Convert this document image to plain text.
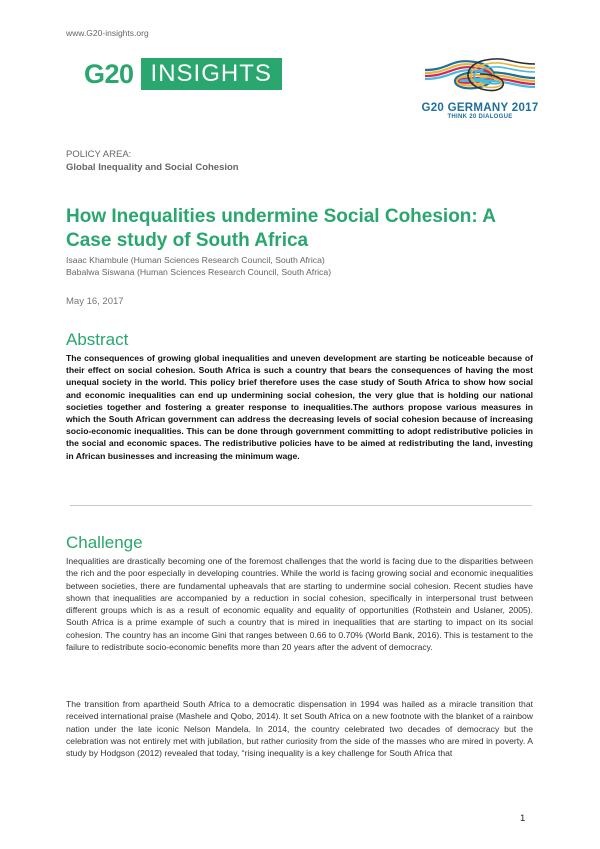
www.G20-insights.org
G20 INSIGHTS
G20 GERMANY 2017
THINK 20 DIALOGUE
POLICY AREA:
Global Inequality and Social Cohesion
How Inequalities undermine Social Cohesion: A
Case study of South Africa
Isaac Khambule (Human Sciences Research Council, South Africa)
Babalwa Siswana (Human Sciences Research Council, South Africa)
May 16, 2017
Abstract
The consequences of growing global inequalities and uneven development are starting be noticeable because of their effect on social cohesion. South Africa is such a country that bears the consequences of having the most unequal society in the world. This policy brief therefore uses the case study of South Africa to show how social and economic inequalities can end up undermining social cohesion, the very glue that is holding our national societies together and fostering a greater response to inequalities.The authors propose various measures in which the South African government can address the decreasing levels of social cohesion because of increasing socio-economic inequalities. This can be done through government committing to adopt redistributive policies in the social and economic spaces. The redistributive policies have to be aimed at redistributing the land, investing in African businesses and increasing the minimum wage.
Challenge
Inequalities are drastically becoming one of the foremost challenges that the world is facing due to the disparities between the rich and the poor especially in developing countries. While the world is facing growing social and economic inequalities between societies, there are fundamental upheavals that are starting to undermine social cohesion. Recent studies have shown that inequalities are accompanied by a reduction in social cohesion, specifically in interpersonal trust between different groups which is as a result of economic equality and equality of opportunities (Rothstein and Uslaner, 2005). South Africa is a prime example of such a country that is mired in inequalities that are starting to impact on its social cohesion. The country has an income Gini that ranges between 0.66 to 0.70% (World Bank, 2016). This is testament to the failure to redistribute socio-economic benefits more than 20 years after the advent of democracy.
The transition from apartheid South Africa to a democratic dispensation in 1994 was hailed as a miracle transition that received international praise (Mashele and Qobo, 2014). It set South Africa on a new footnote with the blanket of a rainbow nation under the late iconic Nelson Mandela. In 2014, the country celebrated two decades of democracy but the celebration was not entirely met with jubilation, but rather curiosity from the side of the masses who are mired in poverty. A study by Hodgson (2012) revealed that today, “rising inequality is a key challenge for South Africa that
1
